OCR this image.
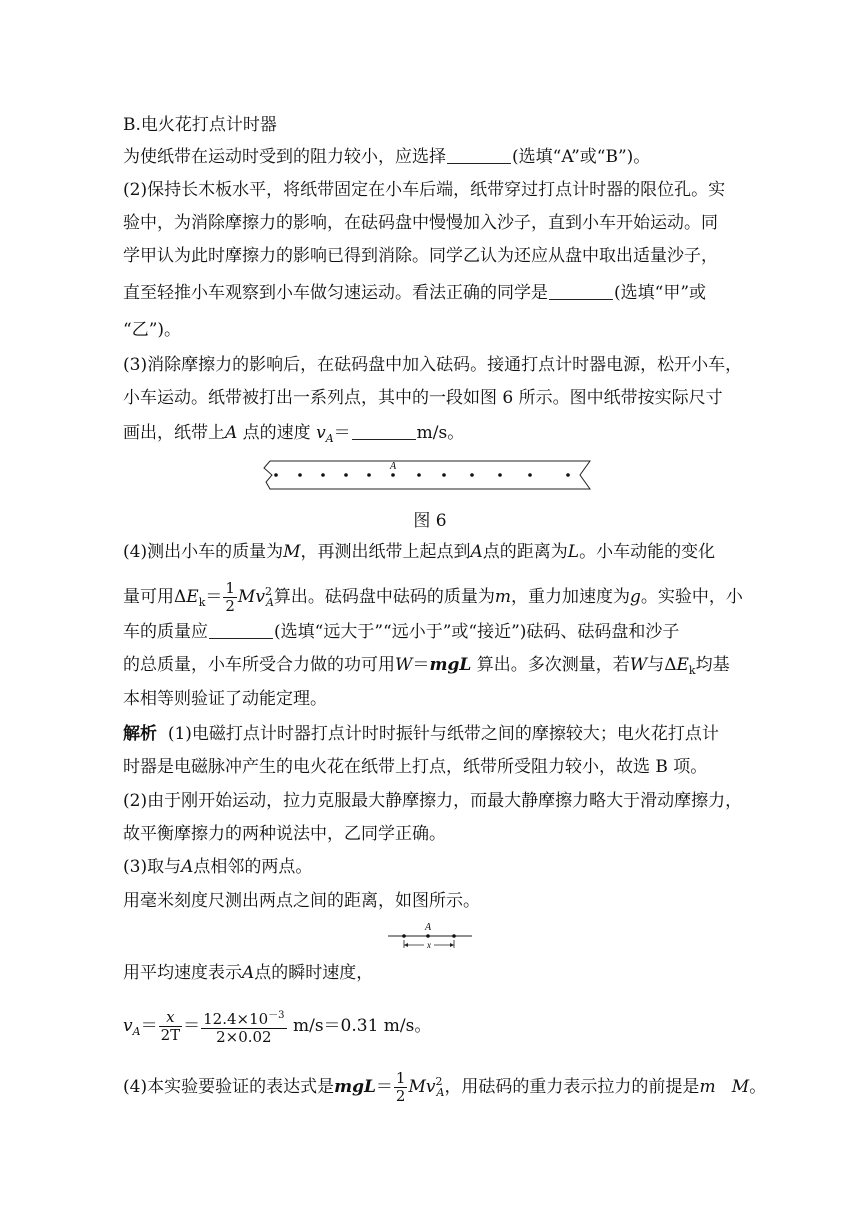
B.电火花打点计时器
为使纸带在运动时受到的阻力较小，应选择	(选填“A”或“B”)。
(2)保持长木板水平，将纸带固定在小车后端，纸带穿过打点计时器的限位孔。实
验中，为消除摩擦力的影响，在砝码盘中慢慢加入沙子，直到小车开始运动。同
学甲认为此时摩擦力的影响已得到消除。同学乙认为还应从盘中取出适量沙子，
直至轻推小车观察到小车做匀速运动。看法正确的同学是	(选填“甲”或
“乙”)。
(3)消除摩擦力的影响后，在砝码盘中加入砝码。接通打点计时器电源，松开小车，
小车运动。纸带被打出一系列点，其中的一段如图 6 所示。图中纸带按实际尺寸
画出，纸带上A 点的速度 $v_A=$	m/s。
A
图 6
(4)测出小车的质量为M，再测出纸带上起点到A点的距离为L。小车动能的变化
量可用$\Delta E_k= \frac{1}{2} Mv^2_A$算出。砝码盘中砝码的质量为m，重力加速度为g。实验中，小
车的质量应	(选填“远大于”“远小于”或“接近”)砝码、砝码盘和沙子
的总质量，小车所受合力做的功可用W＝mgL 算出。多次测量，若W与$\Delta E_k$均基
本相等则验证了动能定理。
解析 (1)电磁打点计时器打点计时时振针与纸带之间的摩擦较大；电火花打点计
时器是电磁脉冲产生的电火花在纸带上打点，纸带所受阻力较小，故选 B 项。
(2)由于刚开始运动，拉力克服最大静摩擦力，而最大静摩擦力略大于滑动摩擦力，
故平衡摩擦力的两种说法中，乙同学正确。
(3)取与A点相邻的两点。
用毫米刻度尺测出两点之间的距离，如图所示。
A
x
用平均速度表示A点的瞬时速度，
$v_A= \frac{x}{2T} = \frac{12.4\times 10^{-3}}{2\times 0.02} m/s=0.31$ m/s。
(4)本实验要验证的表达式是$mgL= \frac{1}{2} Mv^2_A$，用砝码的重力表示拉力的前提是m M。
